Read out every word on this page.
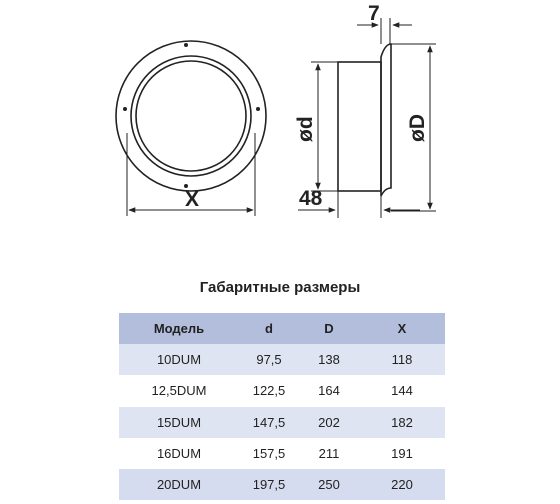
X
7
ød	øD
48
Габаритные размеры
Модель	d	D	X
10DUM	97,5	138	118
12,5DUM	122,5	164	144
15DUM	147,5	202	182
16DUM	157,5	211	191
20DUM	197,5	250	220
